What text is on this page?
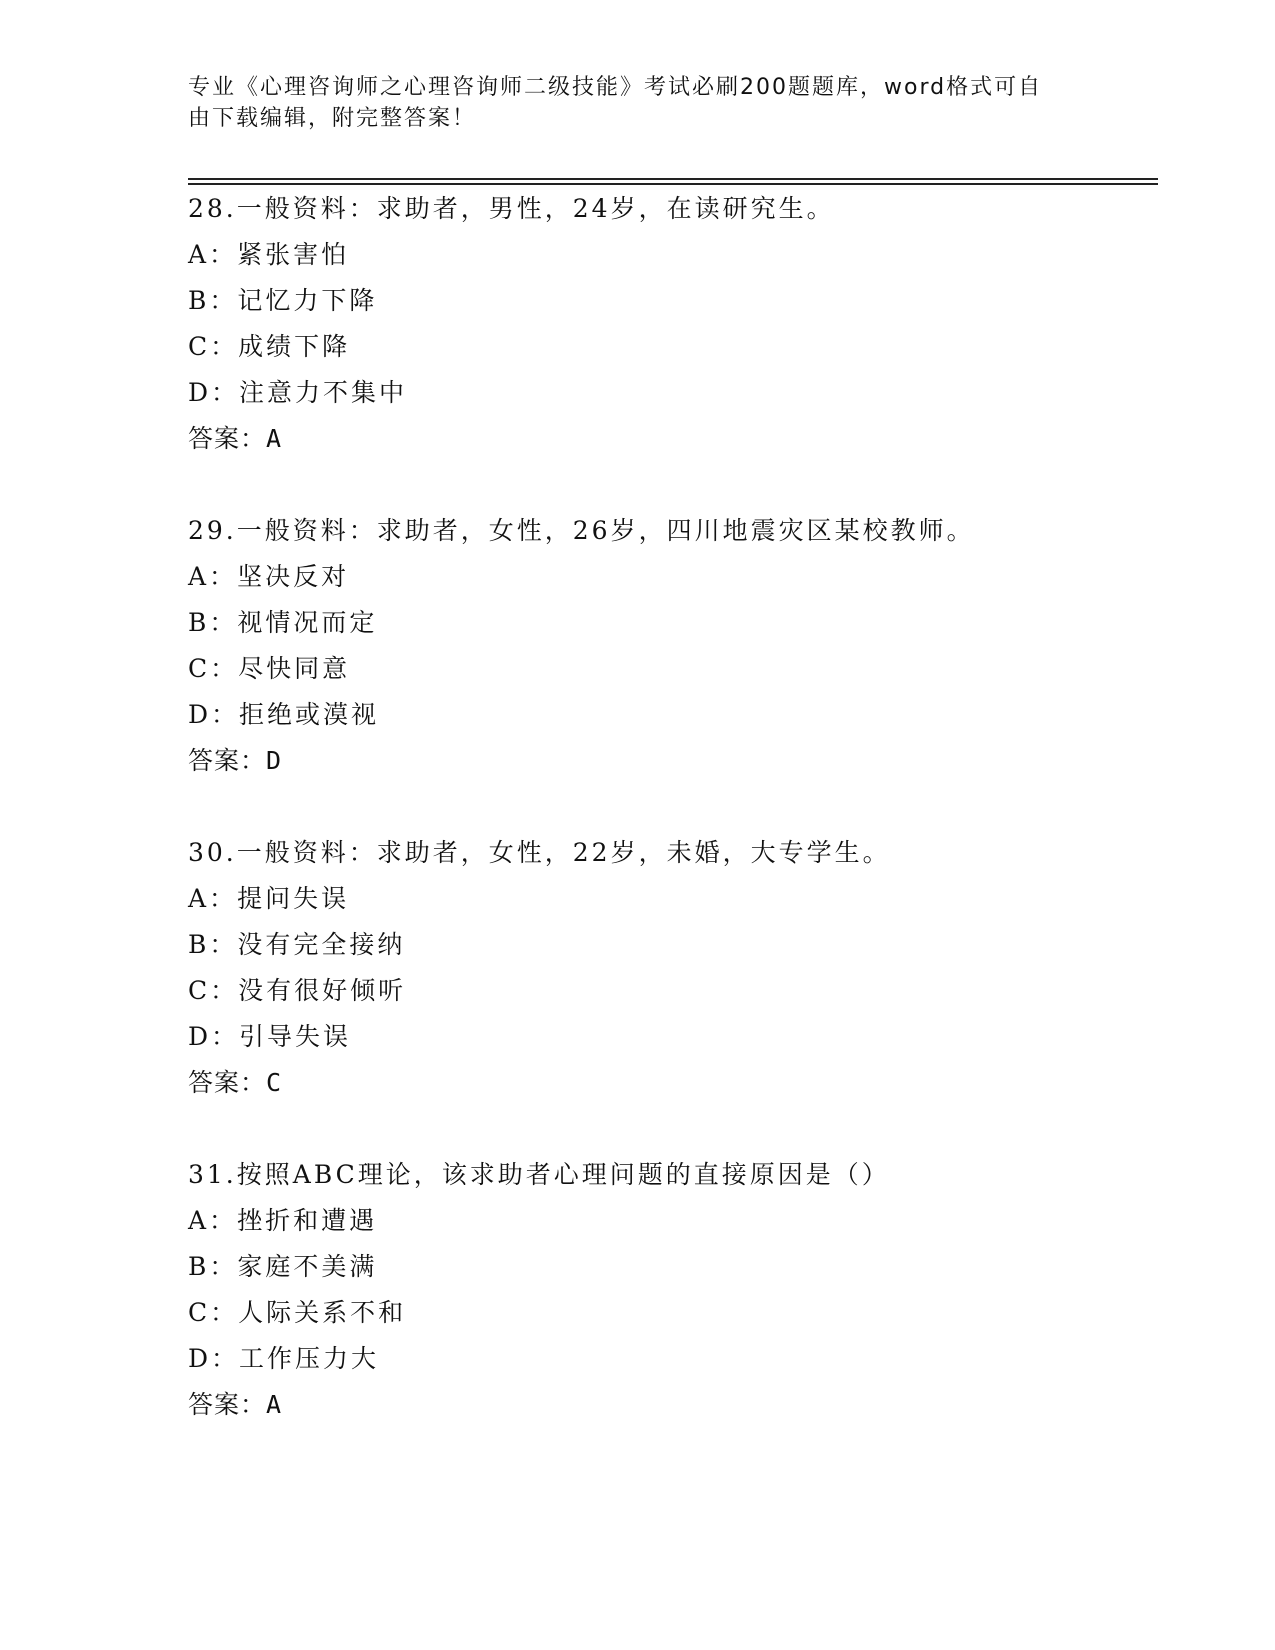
专业《心理咨询师之心理咨询师二级技能》考试必刷200题题库，word格式可自
由下载编辑，附完整答案！
28.一般资料：求助者，男性，24岁，在读研究生。
A：紧张害怕
B：记忆力下降
C：成绩下降
D：注意力不集中
答案：A
29.一般资料：求助者，女性，26岁，四川地震灾区某校教师。
A：坚决反对
B：视情况而定
C：尽快同意
D：拒绝或漠视
答案：D
30.一般资料：求助者，女性，22岁，未婚，大专学生。
A：提问失误
B：没有完全接纳
C：没有很好倾听
D：引导失误
答案：C
31.按照ABC理论，该求助者心理问题的直接原因是（）
A：挫折和遭遇
B：家庭不美满
C：人际关系不和
D：工作压力大
答案：A
